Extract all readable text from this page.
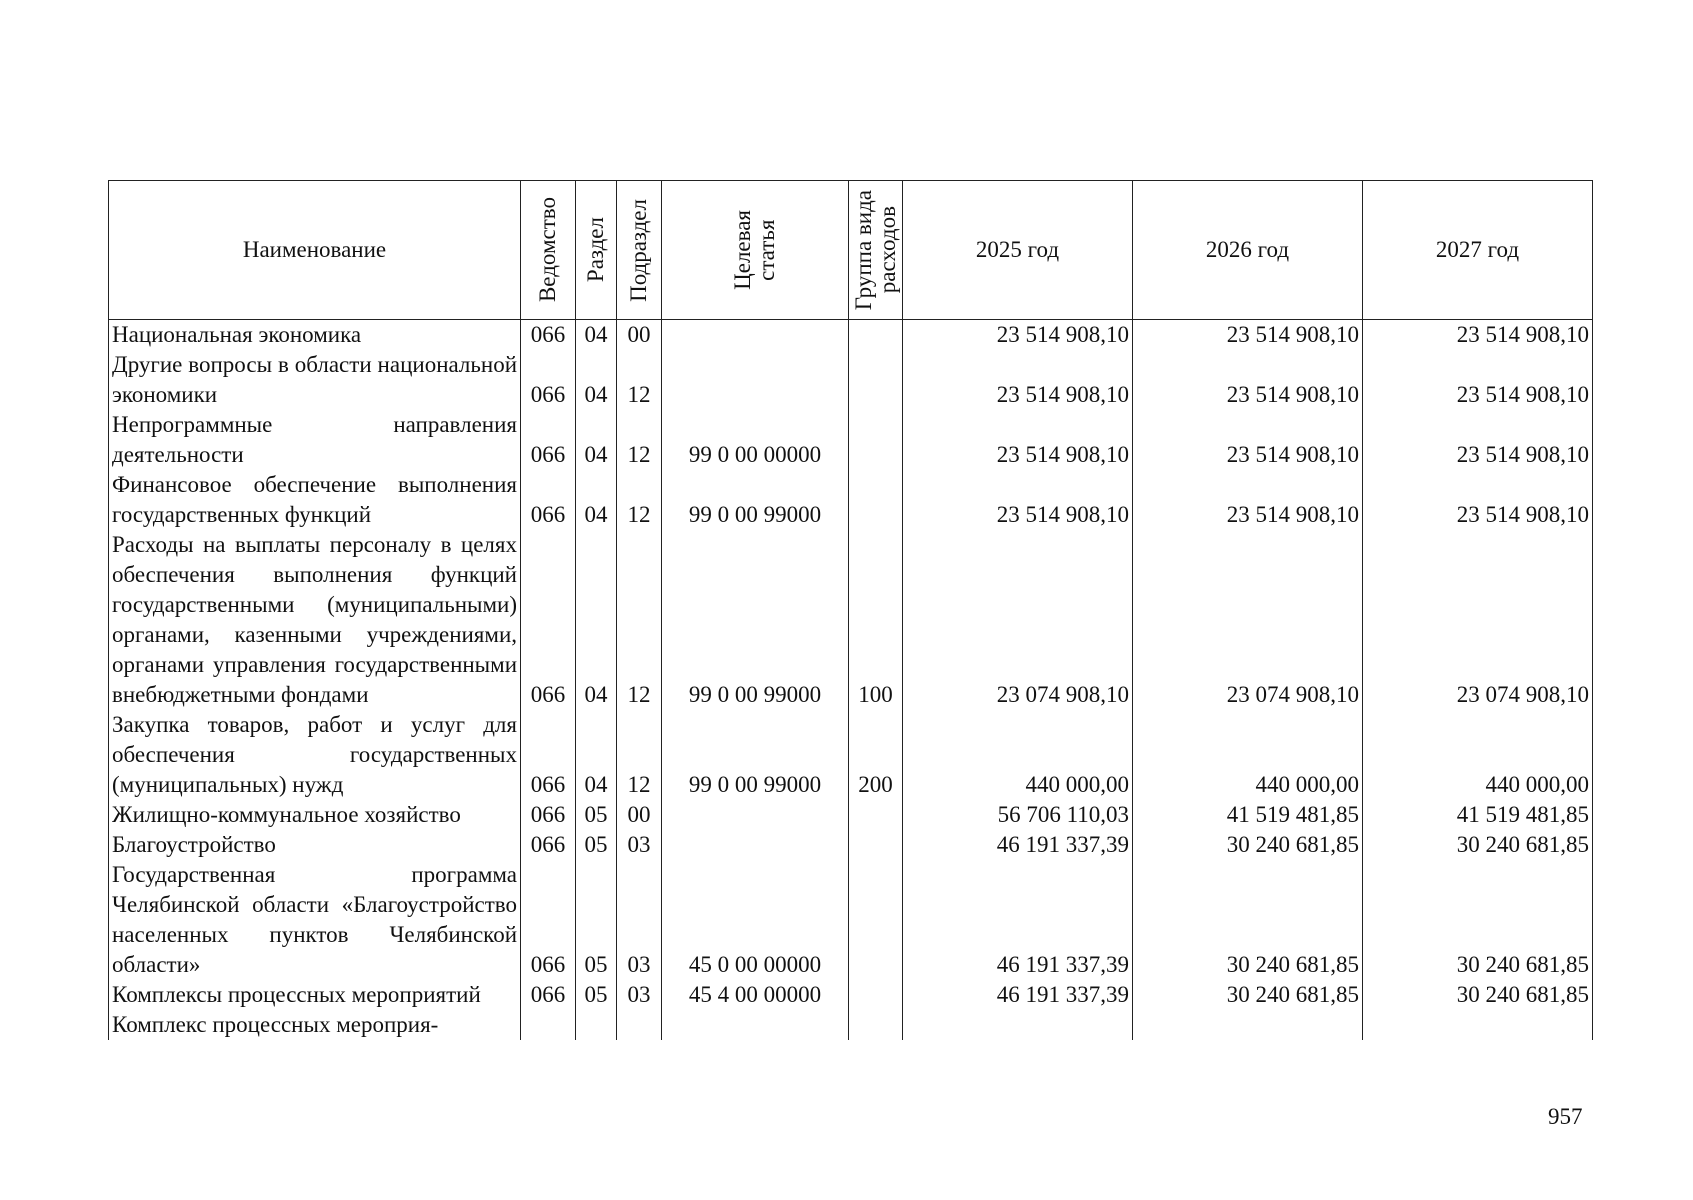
Наименование	Ведомство	Раздел	Подраздел	Целевая статья	Группа вида расходов	2025 год	2026 год	2027 год
Национальная экономика	066	04	00			23 514 908,10	23 514 908,10	23 514 908,10
Другие вопросы в области национальной экономики	066	04	12			23 514 908,10	23 514 908,10	23 514 908,10
Непрограммные направления деятельности	066	04	12	99 0 00 00000		23 514 908,10	23 514 908,10	23 514 908,10
Финансовое обеспечение выполнения государственных функций	066	04	12	99 0 00 99000		23 514 908,10	23 514 908,10	23 514 908,10
Расходы на выплаты персоналу в целях обеспечения выполнения функций государственными (муниципальными) органами, казенными учреждениями, органами управления государственными внебюджетными фондами	066	04	12	99 0 00 99000	100	23 074 908,10	23 074 908,10	23 074 908,10
Закупка товаров, работ и услуг для обеспечения государственных (муниципальных) нужд	066	04	12	99 0 00 99000	200	440 000,00	440 000,00	440 000,00
Жилищно-коммунальное хозяйство	066	05	00			56 706 110,03	41 519 481,85	41 519 481,85
Благоустройство	066	05	03			46 191 337,39	30 240 681,85	30 240 681,85
Государственная программа Челябинской области «Благоустройство населенных пунктов Челябинской области»	066	05	03	45 0 00 00000		46 191 337,39	30 240 681,85	30 240 681,85
Комплексы процессных мероприятий	066	05	03	45 4 00 00000		46 191 337,39	30 240 681,85	30 240 681,85
Комплекс процессных мероприя-								
957
